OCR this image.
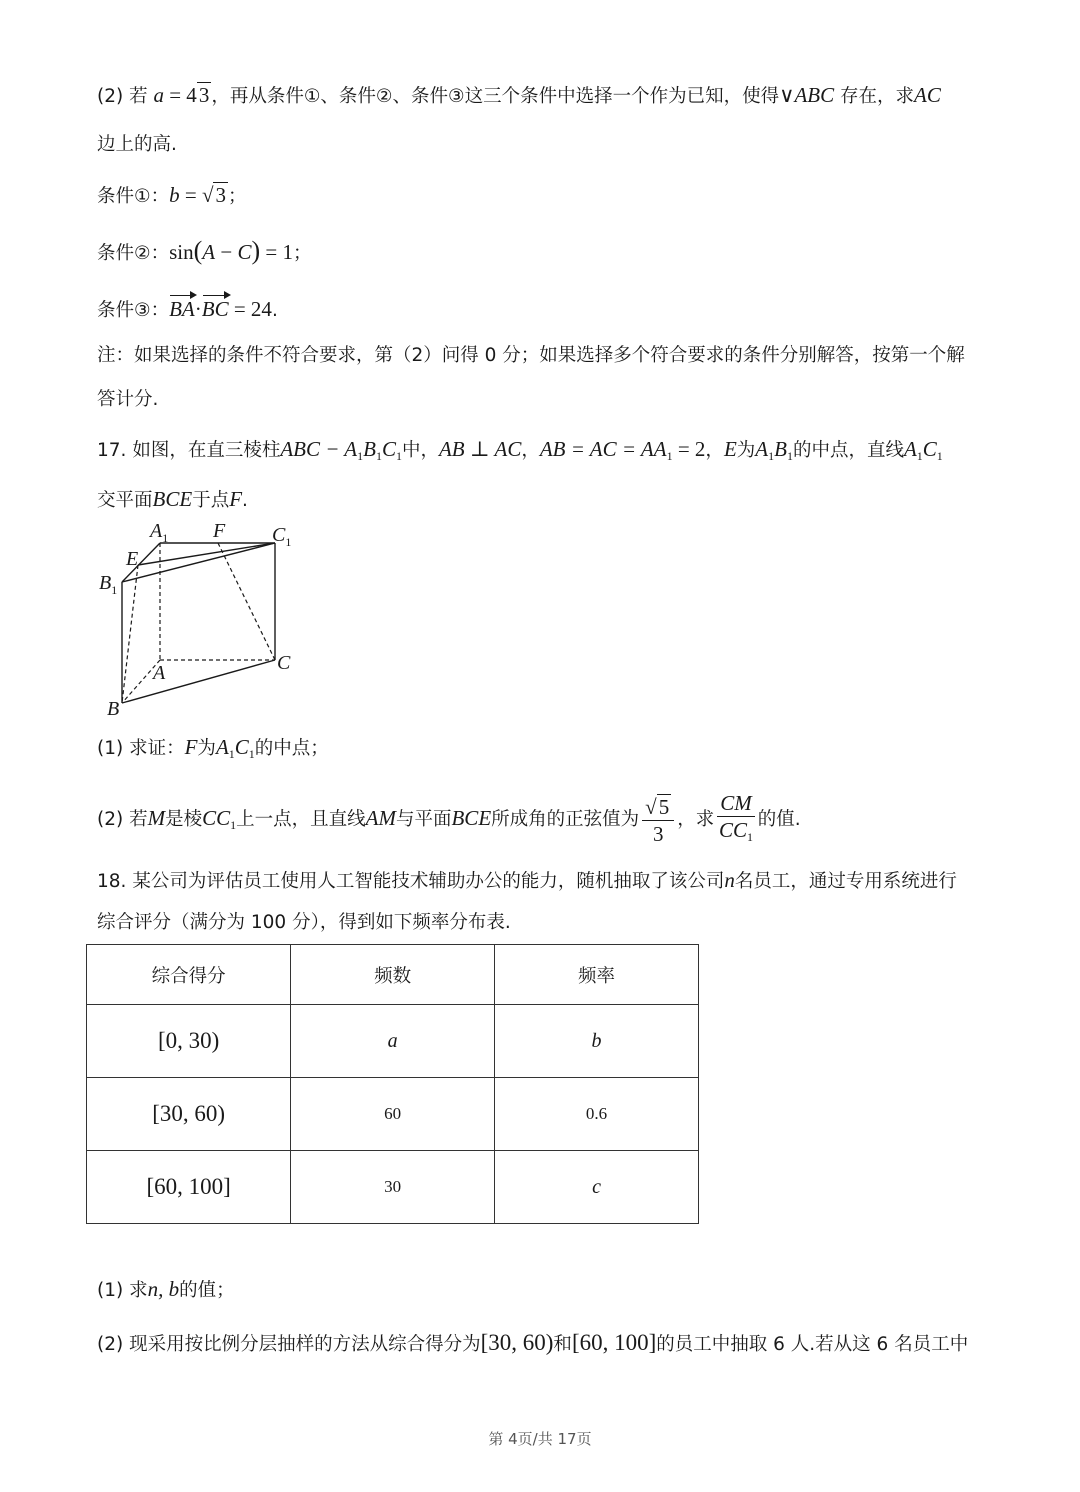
(2) 若 a = 43 ，再从条件①、条件②、条件③这三个条件中选择一个作为已知，使得∨ABC 存在，求AC
边上的高.
条件①：b = √3 ；
条件②：sin(A − C) = 1；
条件③：BA·BC = 24.
注：如果选择的条件不符合要求，第（2）问得 0 分；如果选择多个符合要求的条件分别解答，按第一个解
答计分.
17. 如图，在直三棱柱ABC − $A_1B_1C_1$中，AB ⊥ AC，AB = AC = $AA_1 = 2$，E为$A_1B_1$的中点，直线$A_1C_1$
交平面BCE于点F.
$A_1$ F $C_1$
E
$B_1$
A	C
B
(1) 求证：F为$A_1C_1$的中点；
(2) 若M是棱$CC_1$上一点，且直线AM与平面BCE所成角的正弦值为 $\frac{√5}{3}$ ，求 $\frac{CM}{CC_1}$ 的值.
18. 某公司为评估员工使用人工智能技术辅助办公的能力，随机抽取了该公司n名员工，通过专用系统进行
综合评分（满分为 100 分），得到如下频率分布表.
综合得分	频数	频率
[0, 30)	a	b
[30, 60)	60	0.6
[60, 100]	30	c
(1) 求n, b的值；
(2) 现采用按比例分层抽样的方法从综合得分为[30, 60)和[60, 100]的员工中抽取 6 人.若从这 6 名员工中
第 4页/共 17页
